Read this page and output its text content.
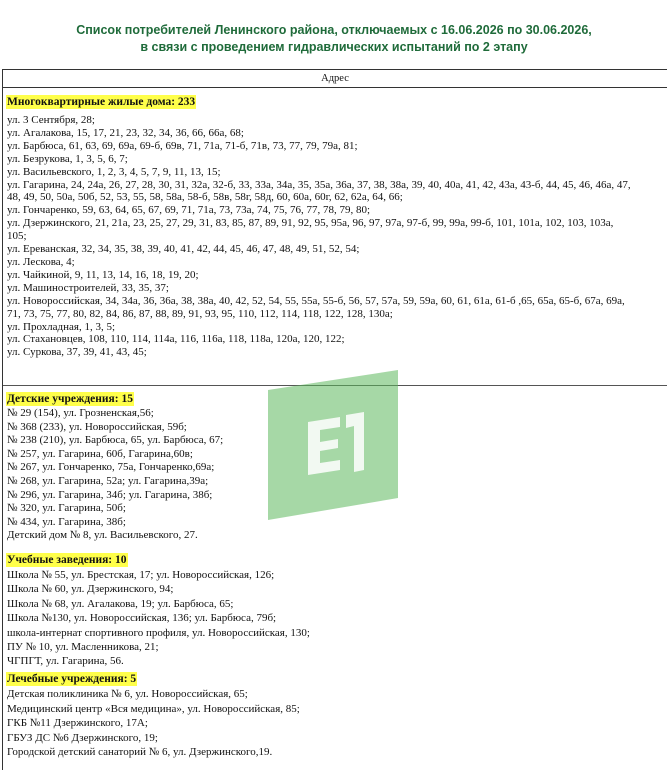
Список потребителей Ленинского района, отключаемых с 16.06.2026 по 30.06.2026,
в связи с проведением гидравлических испытаний по 2 этапу
Адрес
Многоквартирные жилые дома: 233
ул. 3 Сентября, 28;
ул. Агалакова, 15, 17, 21, 23, 32, 34, 36, 66, 66а, 68;
ул. Барбюса, 61, 63, 69, 69а, 69-б, 69в, 71, 71а, 71-б, 71в, 73, 77, 79, 79а, 81;
ул. Безрукова, 1, 3, 5, 6, 7;
ул. Васильевского, 1, 2, 3, 4, 5, 7, 9, 11, 13, 15;
ул. Гагарина, 24, 24а, 26, 27, 28, 30, 31, 32а, 32-б, 33, 33а, 34а, 35, 35а, 36а, 37, 38, 38а, 39, 40, 40а, 41, 42, 43а, 43-б, 44, 45, 46, 46а, 47,
48, 49, 50, 50а, 50б, 52, 53, 55, 58, 58а, 58-б, 58в, 58г, 58д, 60, 60а, 60г, 62, 62а, 64, 66;
ул. Гончаренко, 59, 63, 64, 65, 67, 69, 71, 71а, 73, 73а, 74, 75, 76, 77, 78, 79, 80;
ул. Дзержинского, 21, 21а, 23, 25, 27, 29, 31, 83, 85, 87, 89, 91, 92, 95, 95а, 96, 97, 97а, 97-б, 99, 99а, 99-б, 101, 101а, 102, 103, 103а,
105;
ул. Ереванская, 32, 34, 35, 38, 39, 40, 41, 42, 44, 45, 46, 47, 48, 49, 51, 52, 54;
ул. Лескова, 4;
ул. Чайкиной, 9, 11, 13, 14, 16, 18, 19, 20;
ул. Машиностроителей, 33, 35, 37;
ул. Новороссийская, 34, 34а, 36, 36а, 38, 38а, 40, 42, 52, 54, 55, 55а, 55-б, 56, 57, 57а, 59, 59а, 60, 61, 61а, 61-б ,65, 65а, 65-б, 67а, 69а,
71, 73, 75, 77, 80, 82, 84, 86, 87, 88, 89, 91, 93, 95, 110, 112, 114, 118, 122, 128, 130а;
ул. Прохладная, 1, 3, 5;
ул. Стахановцев, 108, 110, 114, 114а, 116, 116а, 118, 118а, 120а, 120, 122;
ул. Суркова, 37, 39, 41, 43, 45;
Детские учреждения: 15
№ 29 (154), ул. Грозненская,56;
№ 368 (233), ул. Новороссийская, 59б;
№ 238 (210), ул. Барбюса, 65, ул. Барбюса, 67;
№ 257, ул. Гагарина, 60б, Гагарина,60в;
№ 267, ул. Гончаренко, 75а, Гончаренко,69а;
№ 268, ул. Гагарина, 52а; ул. Гагарина,39а;
№ 296, ул. Гагарина, 34б; ул. Гагарина, 38б;
№ 320, ул. Гагарина, 50б;
№ 434, ул. Гагарина, 38б;
Детский дом № 8, ул. Васильевского, 27.
Учебные заведения: 10
Школа № 55, ул. Брестская, 17; ул. Новороссийская, 126;
Школа № 60, ул. Дзержинского, 94;
Школа № 68, ул. Агалакова, 19; ул. Барбюса, 65;
Школа №130, ул. Новороссийская, 136; ул. Барбюса, 79б;
школа-интернат спортивного профиля, ул. Новороссийская, 130;
ПУ № 10, ул. Масленникова, 21;
ЧГПГТ, ул. Гагарина, 56.
Лечебные учреждения: 5
Детская поликлиника № 6, ул. Новороссийская, 65;
Медицинский центр «Вся медицина», ул. Новороссийская, 85;
ГКБ №11 Дзержинского, 17А;
ГБУЗ ДС №6 Дзержинского, 19;
Городской детский санаторий № 6, ул. Дзержинского,19.
